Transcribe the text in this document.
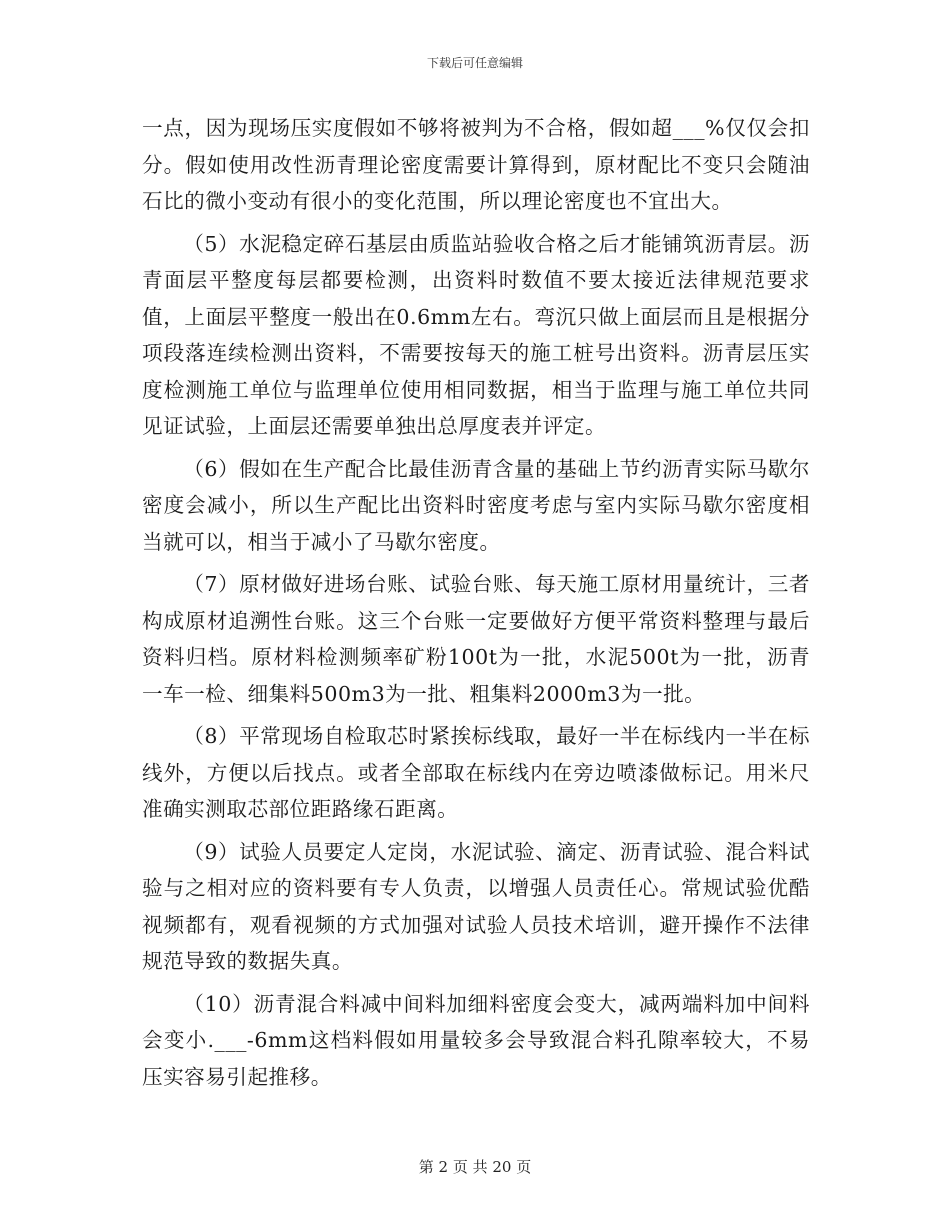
下载后可任意编辑

一点，因为现场压实度假如不够将被判为不合格，假如超___%仅仅会扣分。假如使用改性沥青理论密度需要计算得到，原材配比不变只会随油石比的微小变动有很小的变化范围，所以理论密度也不宜出大。

（5）水泥稳定碎石基层由质监站验收合格之后才能铺筑沥青层。沥青面层平整度每层都要检测，出资料时数值不要太接近法律规范要求值，上面层平整度一般出在0.6mm左右。弯沉只做上面层而且是根据分项段落连续检测出资料，不需要按每天的施工桩号出资料。沥青层压实度检测施工单位与监理单位使用相同数据，相当于监理与施工单位共同见证试验，上面层还需要单独出总厚度表并评定。

（6）假如在生产配合比最佳沥青含量的基础上节约沥青实际马歇尔密度会减小，所以生产配比出资料时密度考虑与室内实际马歇尔密度相当就可以，相当于减小了马歇尔密度。

（7）原材做好进场台账、试验台账、每天施工原材用量统计，三者构成原材追溯性台账。这三个台账一定要做好方便平常资料整理与最后资料归档。原材料检测频率矿粉100t为一批，水泥500t为一批，沥青一车一检、细集料500m3为一批、粗集料2000m3为一批。

（8）平常现场自检取芯时紧挨标线取，最好一半在标线内一半在标线外，方便以后找点。或者全部取在标线内在旁边喷漆做标记。用米尺准确实测取芯部位距路缘石距离。

（9）试验人员要定人定岗，水泥试验、滴定、沥青试验、混合料试验与之相对应的资料要有专人负责，以增强人员责任心。常规试验优酷视频都有，观看视频的方式加强对试验人员技术培训，避开操作不法律规范导致的数据失真。

（10）沥青混合料减中间料加细料密度会变大，减两端料加中间料会变小.___-6mm这档料假如用量较多会导致混合料孔隙率较大，不易压实容易引起推移。

第 2 页 共 20 页
